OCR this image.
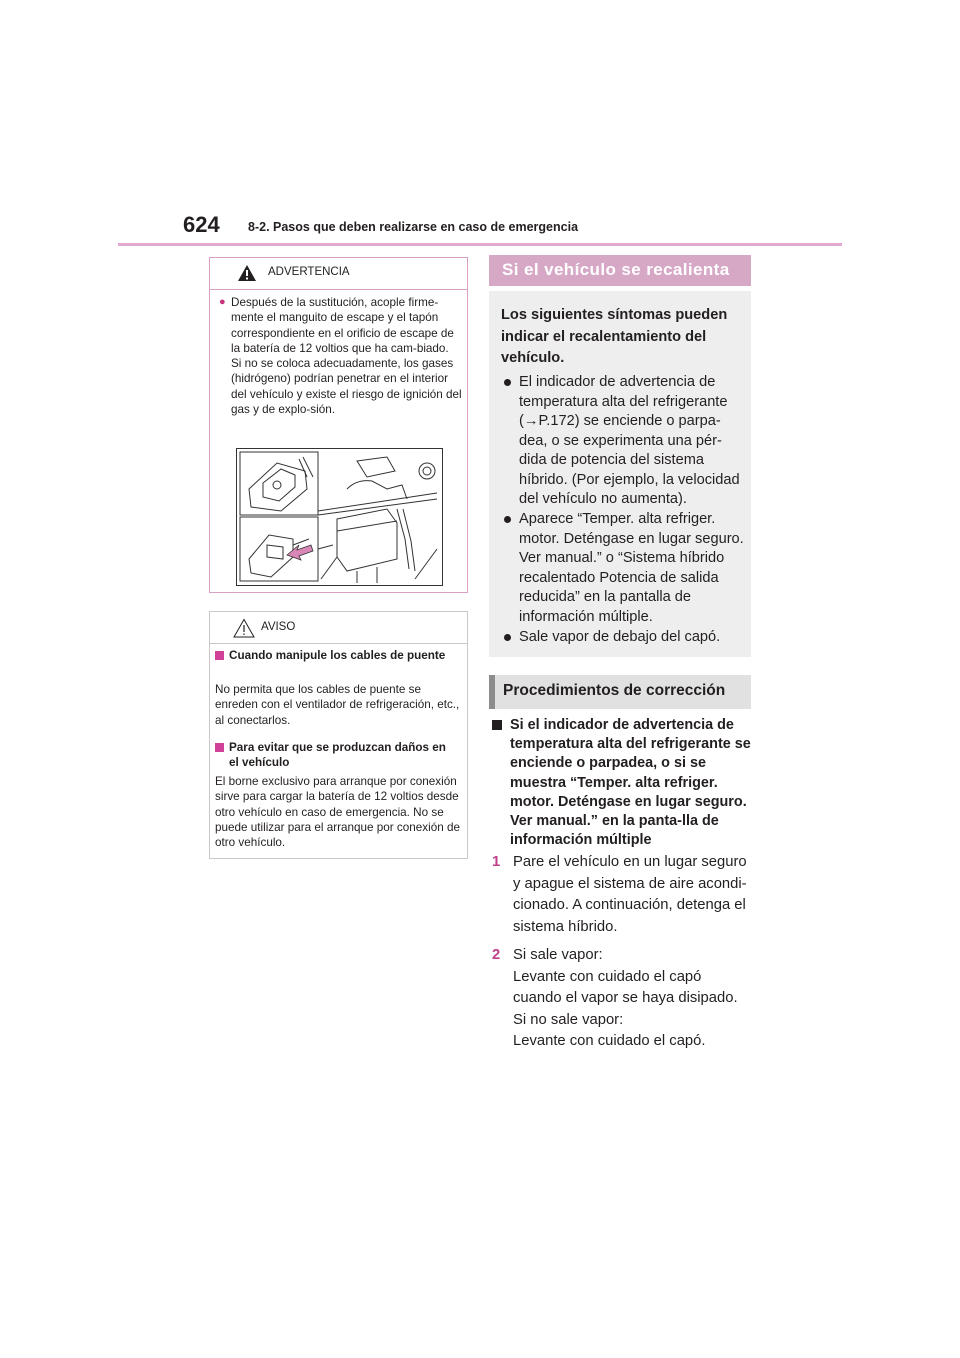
624 8-2. Pasos que deben realizarse en caso de emergencia
ADVERTENCIA
● Después de la sustitución, acople firme-mente el manguito de escape y el tapón correspondiente en el orificio de escape de la batería de 12 voltios que ha cam-biado. Si no se coloca adecuadamente, los gases (hidrógeno) podrían penetrar en el interior del vehículo y existe el riesgo de ignición del gas y de explo-sión.
AVISO
Cuando manipule los cables de puente
No permita que los cables de puente se enreden con el ventilador de refrigeración, etc., al conectarlos.
Para evitar que se produzcan daños en el vehículo
El borne exclusivo para arranque por conexión sirve para cargar la batería de 12 voltios desde otro vehículo en caso de emergencia. No se puede utilizar para el arranque por conexión de otro vehículo.
Si el vehículo se recalienta
Los siguientes síntomas pueden indicar el recalentamiento del vehículo.
El indicador de advertencia de temperatura alta del refrigerante (→P.172) se enciende o parpa-dea, o se experimenta una pér-dida de potencia del sistema híbrido. (Por ejemplo, la velocidad del vehículo no aumenta).
Aparece “Temper. alta refriger. motor. Deténgase en lugar seguro. Ver manual.” o “Sistema híbrido recalentado Potencia de salida reducida” en la pantalla de información múltiple.
Sale vapor de debajo del capó.
Procedimientos de corrección
Si el indicador de advertencia de temperatura alta del refrigerante se enciende o parpadea, o si se muestra “Temper. alta refriger. motor. Deténgase en lugar seguro. Ver manual.” en la panta-lla de información múltiple
1 Pare el vehículo en un lugar seguro
y apague el sistema de aire acondi-
cionado. A continuación, detenga el
sistema híbrido.
2 Si sale vapor:
Levante con cuidado el capó
cuando el vapor se haya disipado.
Si no sale vapor:
Levante con cuidado el capó.
